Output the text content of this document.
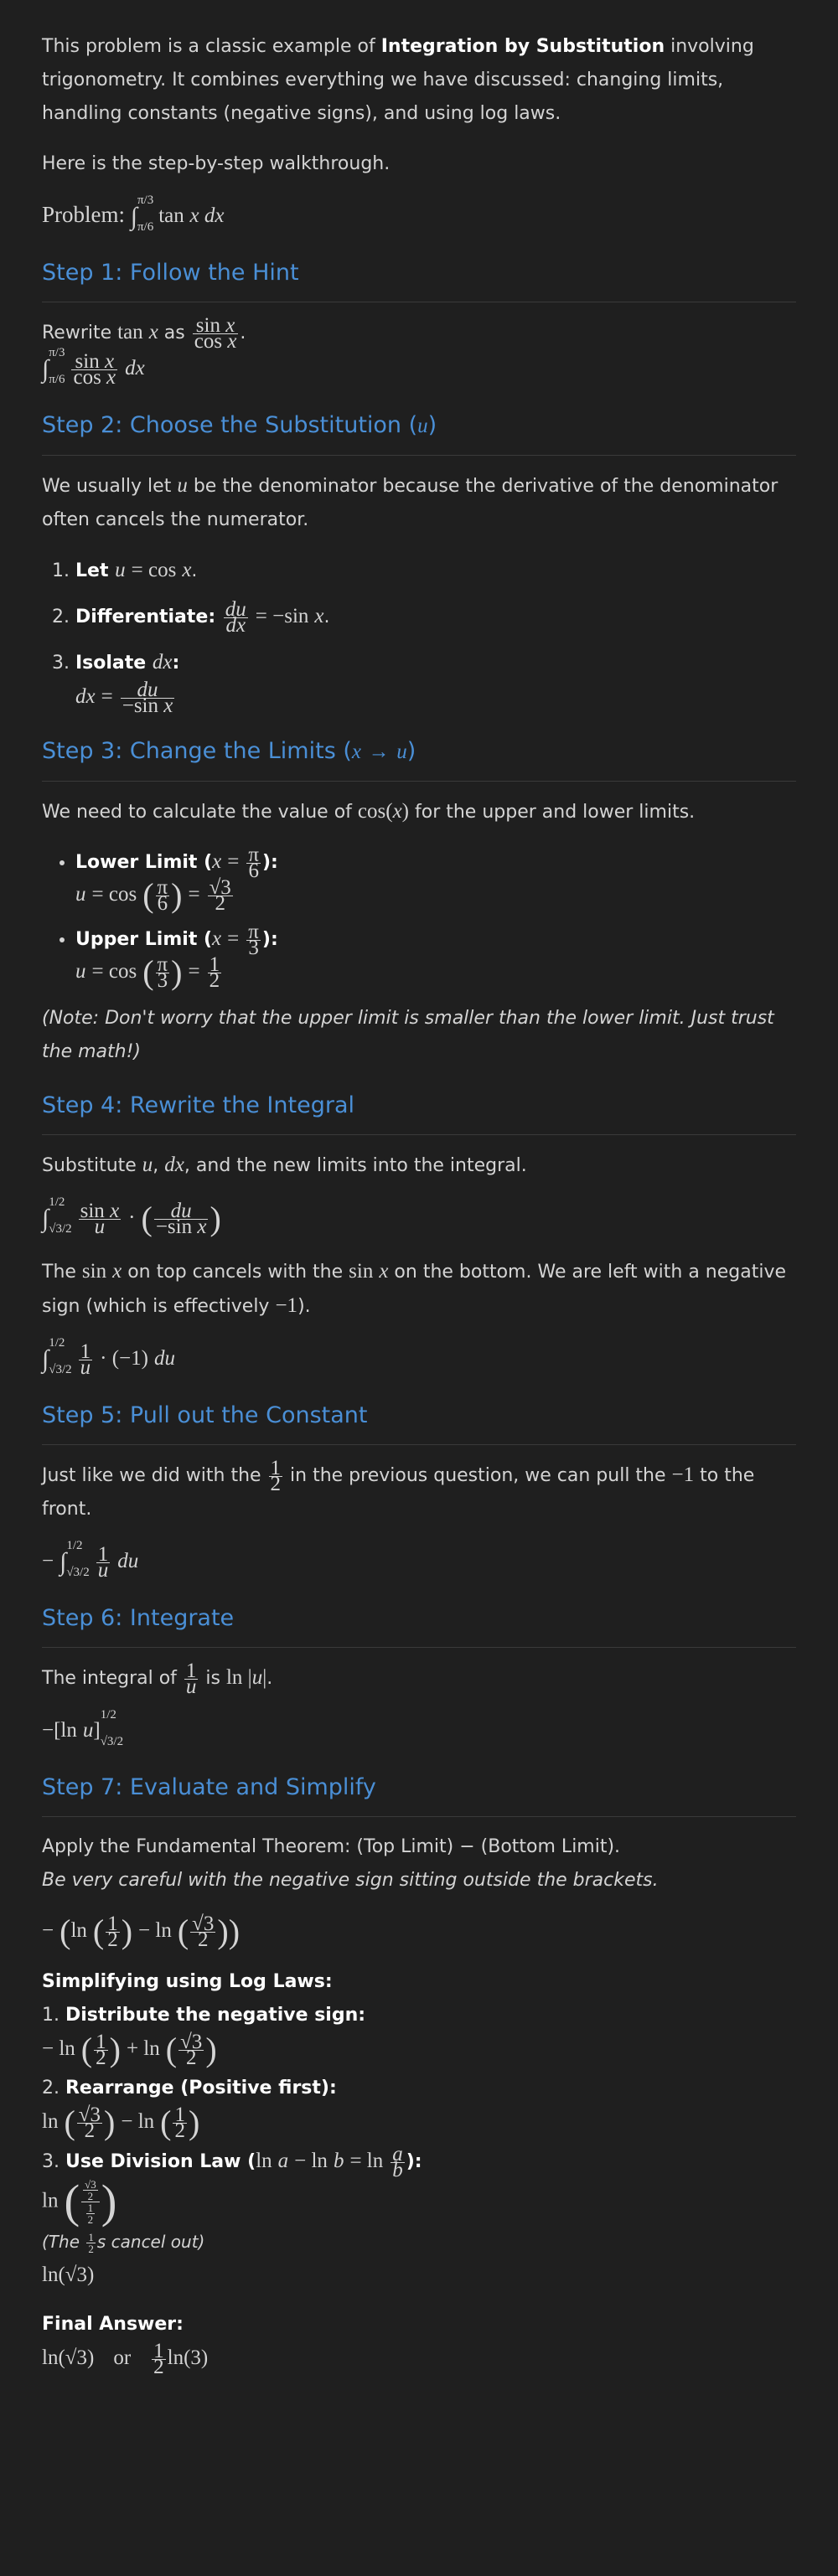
This problem is a classic example of Integration by Substitution involving trigonometry. It combines everything we have discussed: changing limits, handling constants (negative signs), and using log laws.

Here is the step-by-step walkthrough.

Problem: ∫
π/3
π/6 tan x dx

Step 1: Follow the Hint

Rewrite tan x as $\frac{\text{sin x}}{\text{cos x}}$ .

∫
π/3
$\pi/6 \frac{\text{sin x}}{\text{cos x}}$ dx

Step 2: Choose the Substitution (u)

We usually let u be the denominator because the derivative of the denominator often cancels the numerator.

1. Let u = cos x.
2. Differentiate: $\frac{du}{dx} = -\sin$ x.
3. Isolate dx:
dx = $\frac{du}{\text{−sin x}}$
Step 3: Change the Limits (x → u)

We need to calculate the value of cos(x) for the upper and lower limits.

• Lower Limit ($x = \frac{\pi}{6}$ ):
u = cos ( $\frac{\pi}{6}$ ) = $\frac{√3}{2}$
• Upper Limit ($x = \frac{\pi}{3}$ ):
u = cos ( $\frac{\pi}{3}$ ) = $\frac{1}{2}$

(Note: Don't worry that the upper limit is smaller than the lower limit. Just trust the math!)

Step 4: Rewrite the Integral

Substitute u, dx, and the new limits into the integral.

∫
1/2
$√3/2 \frac{\text{sin x}}{u}$ · ( $\frac{du}{\text{−sin x}}$ )

The sin x on top cancels with the sin x on the bottom. We are left with a negative sign (which is effectively −1).

∫
1/2
$√3/2 \frac{1}{u} \cdot (-1)$ du

Step 5: Pull out the Constant

Just like we did with the $\frac{1}{2}$ in the previous question, we can pull the −1 to the front.

− ∫
1/2
$√3/2 \frac{1}{u}$ du

Step 6: Integrate

The integral of $\frac{1}{u}$ is ln |u|.

−[ln u]
1/2
√3/2

Step 7: Evaluate and Simplify

Apply the Fundamental Theorem: (Top Limit) − (Bottom Limit).

Be very careful with the negative sign sitting outside the brackets.

− (ln ( $\frac{1}{2}$ ) − ln ( $\frac{√3}{2}$ ))

Simplifying using Log Laws:
1. Distribute the negative sign:
− ln ( $\frac{1}{2}$ ) + ln ( $\frac{√3}{2}$ )
2. Rearrange (Positive first):
ln ( $\frac{√3}{2}$ ) − ln ( $\frac{1}{2}$ )
3. Use Division Law (ln $a - \ln b = \ln \frac{a}{b}$ ):
ln ( $\frac{\frac{√3}{2}}{\frac{1}{2}}$ )
($The \frac{1}{2}$ s cancel out)
ln(√3)
Final Answer:
ln(√3) or $\frac{1}{2} \ln(3)$
